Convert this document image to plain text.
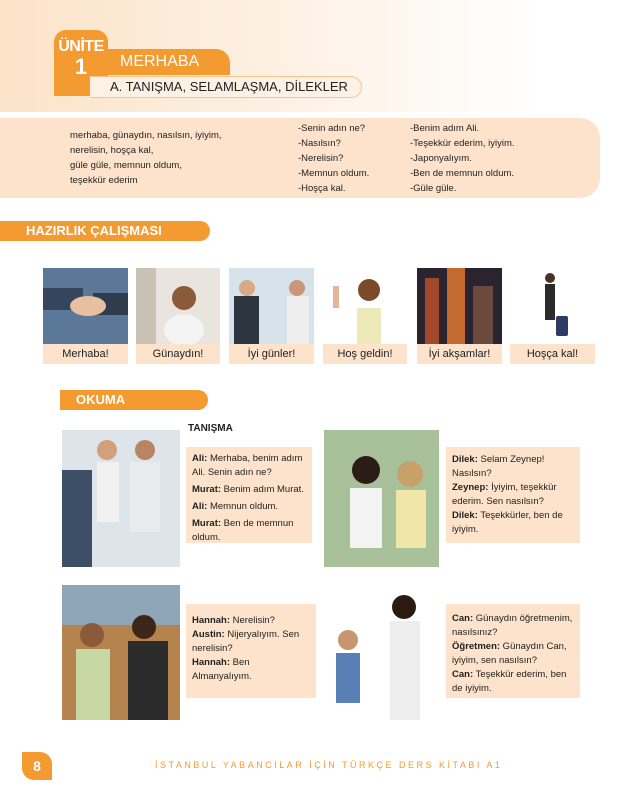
ÜNİTE
1	MERHABA
A. TANIŞMA, SELAMLAŞMA, DİLEKLER
merhaba, günaydın, nasılsın, iyiyim,
nerelisin, hoşça kal,
güle güle, memnun oldum,
teşekkür ederim
-Senin adın ne?
-Nasılsın?
-Nerelisin?
-Memnun oldum.
-Hoşça kal.
-Benim adım Ali.
-Teşekkür ederim, iyiyim.
-Japonyalıyım.
-Ben de memnun oldum.
-Güle güle.
HAZIRLIK ÇALIŞMASI
Merhaba!	Günaydın!	İyi günler!	Hoş geldin!	İyi akşamlar!	Hoşça kal!
OKUMA
TANIŞMA
Ali: Merhaba, benim adım Ali. Senin adın ne?
Murat: Benim adım Murat.
Ali: Memnun oldum.
Murat: Ben de memnun oldum.
Dilek: Selam Zeynep! Nasılsın?
Zeynep: İyiyim, teşekkür ederim. Sen nasılsın?
Dilek: Teşekkürler, ben de iyiyim.
Hannah: Nerelisin?
Austin: Nijeryalıyım. Sen nerelisin?
Hannah: Ben Almanyalıyım.
Can: Günaydın öğretmenim, nasılsınız?
Öğretmen: Günaydın Can, iyiyim, sen nasılsın?
Can: Teşekkür ederim, ben de iyiyim.
8	İSTANBUL YABANCILAR İÇİN TÜRKÇE DERS KİTABI A1
